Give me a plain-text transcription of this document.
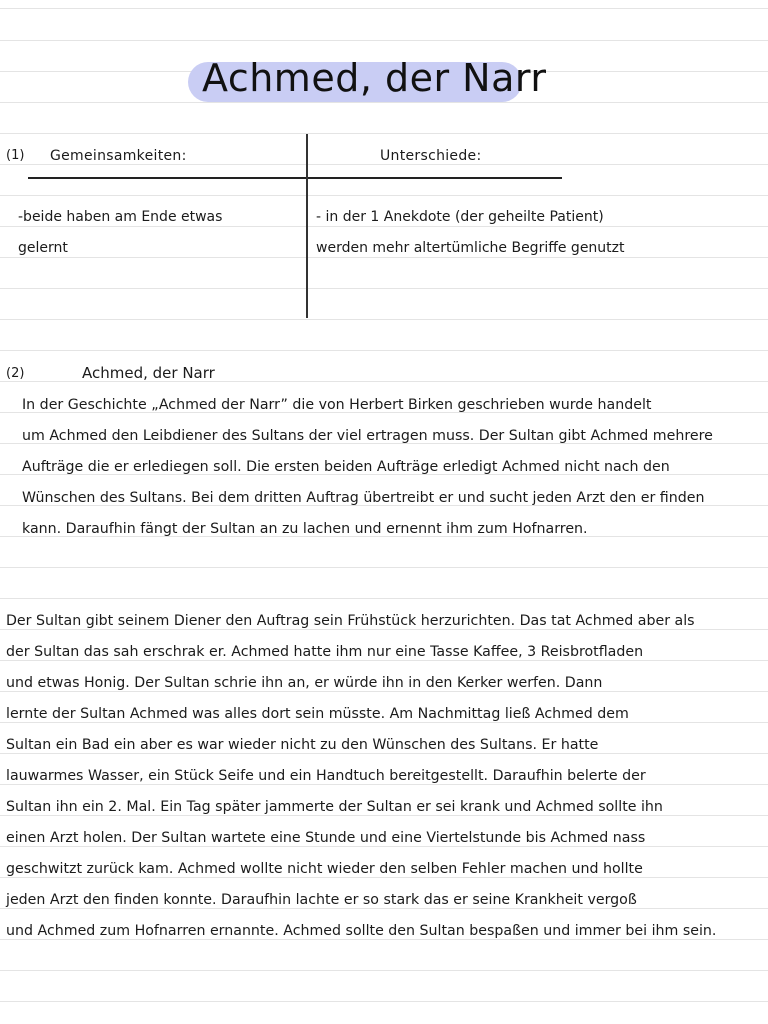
Achmed, der Narr
(1) Gemeinsamkeiten:	Unterschiede:
-beide haben am Ende etwas
gelernt
- in der 1 Anekdote (der geheilte Patient)
werden mehr altertümliche Begriffe genutzt
(2)	Achmed, der Narr
In der Geschichte „Achmed der Narr” die von Herbert Birken geschrieben wurde handelt
um Achmed den Leibdiener des Sultans der viel ertragen muss. Der Sultan gibt Achmed mehrere
Aufträge die er erlediegen soll. Die ersten beiden Aufträge erledigt Achmed nicht nach den
Wünschen des Sultans. Bei dem dritten Auftrag übertreibt er und sucht jeden Arzt den er finden
kann. Daraufhin fängt der Sultan an zu lachen und ernennt ihm zum Hofnarren.
Der Sultan gibt seinem Diener den Auftrag sein Frühstück herzurichten. Das tat Achmed aber als
der Sultan das sah erschrak er. Achmed hatte ihm nur eine Tasse Kaffee, 3 Reisbrotfladen
und etwas Honig. Der Sultan schrie ihn an, er würde ihn in den Kerker werfen. Dann
lernte der Sultan Achmed was alles dort sein müsste. Am Nachmittag ließ Achmed dem
Sultan ein Bad ein aber es war wieder nicht zu den Wünschen des Sultans. Er hatte
lauwarmes Wasser, ein Stück Seife und ein Handtuch bereitgestellt. Daraufhin belerte der
Sultan ihn ein 2. Mal. Ein Tag später jammerte der Sultan er sei krank und Achmed sollte ihn
einen Arzt holen. Der Sultan wartete eine Stunde und eine Viertelstunde bis Achmed nass
geschwitzt zurück kam. Achmed wollte nicht wieder den selben Fehler machen und hollte
jeden Arzt den finden konnte. Daraufhin lachte er so stark das er seine Krankheit vergoß
und Achmed zum Hofnarren ernannte. Achmed sollte den Sultan bespaßen und immer bei ihm sein.
